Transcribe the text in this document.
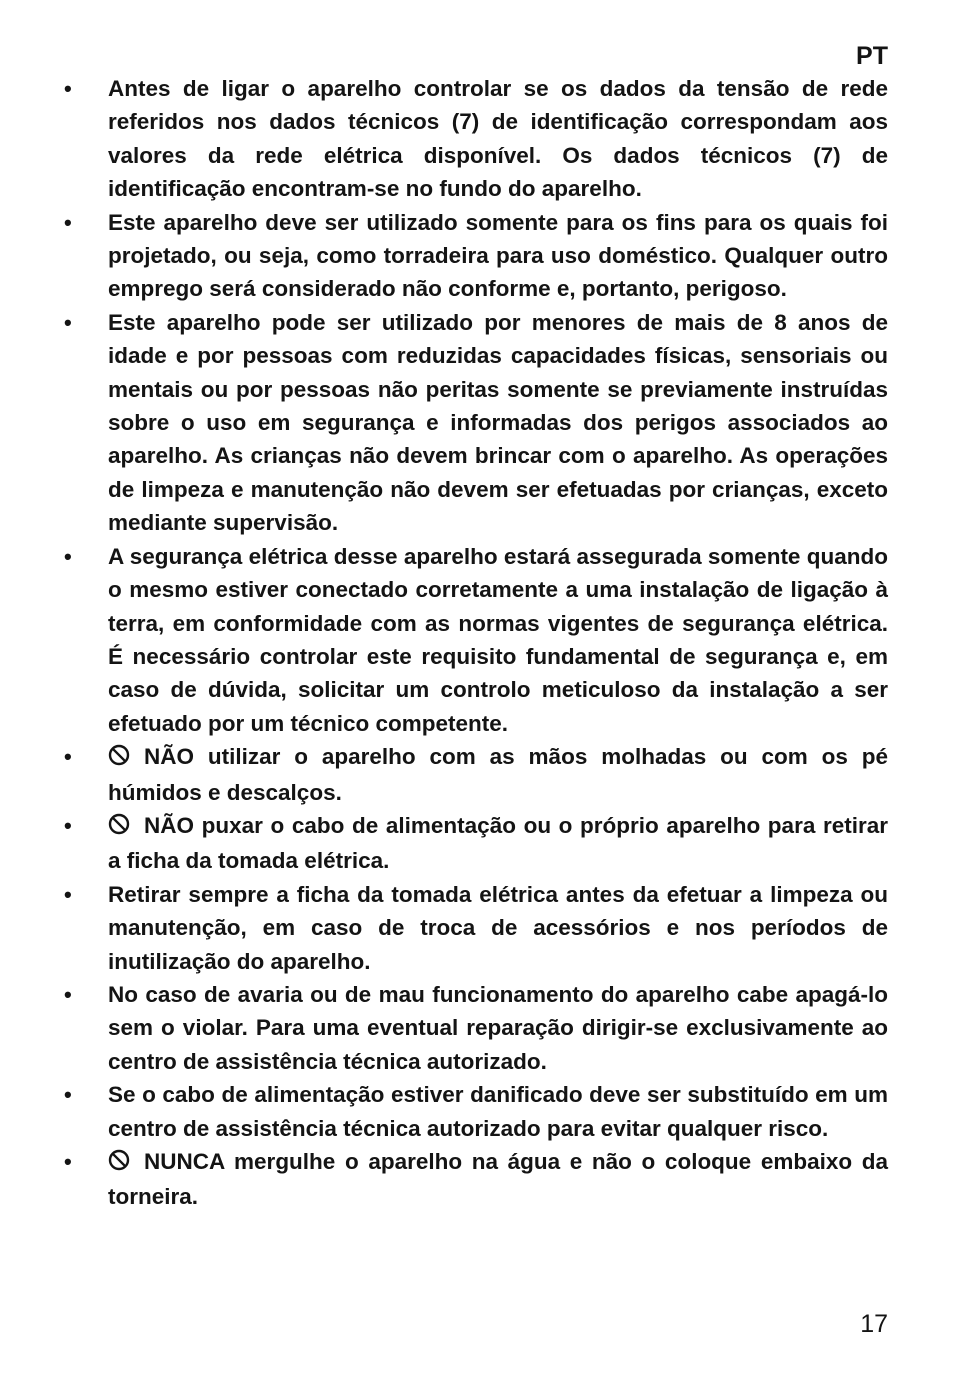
PT

• Antes de ligar o aparelho controlar se os dados da tensão de rede referidos nos dados técnicos (7) de identificação correspondam aos valores da rede elétrica disponível. Os dados técnicos (7) de identificação encontram-se no fundo do aparelho.
• Este aparelho deve ser utilizado somente para os fins para os quais foi projetado, ou seja, como torradeira para uso doméstico. Qualquer outro emprego será considerado não conforme e, portanto, perigoso.
• Este aparelho pode ser utilizado por menores de mais de 8 anos de idade e por pessoas com reduzidas capacidades físicas, sensoriais ou mentais ou por pessoas não peritas somente se previamente instruídas sobre o uso em segurança e informadas dos perigos associados ao aparelho. As crianças não devem brincar com o aparelho. As operações de limpeza e manutenção não devem ser efetuadas por crianças, exceto mediante supervisão.
• A segurança elétrica desse aparelho estará assegurada somente quando o mesmo estiver conectado corretamente a uma instalação de ligação à terra, em conformidade com as normas vigentes de segurança elétrica. É necessário controlar este requisito fundamental de segurança e, em caso de dúvida, solicitar um controlo meticuloso da instalação a ser efetuado por um técnico competente.
•	NÃO utilizar o aparelho com as mãos molhadas ou com os pé húmidos e descalços.
•	NÃO puxar o cabo de alimentação ou o próprio aparelho para retirar a ficha da tomada elétrica.
• Retirar sempre a ficha da tomada elétrica antes da efetuar a limpeza ou manutenção, em caso de troca de acessórios e nos períodos de inutilização do aparelho.
• No caso de avaria ou de mau funcionamento do aparelho cabe apagá-lo sem o violar. Para uma eventual reparação dirigir-se exclusivamente ao centro de assistência técnica autorizado.
• Se o cabo de alimentação estiver danificado deve ser substituído em um centro de assistência técnica autorizado para evitar qualquer risco.
•	NUNCA mergulhe o aparelho na água e não o coloque embaixo da torneira.

17
